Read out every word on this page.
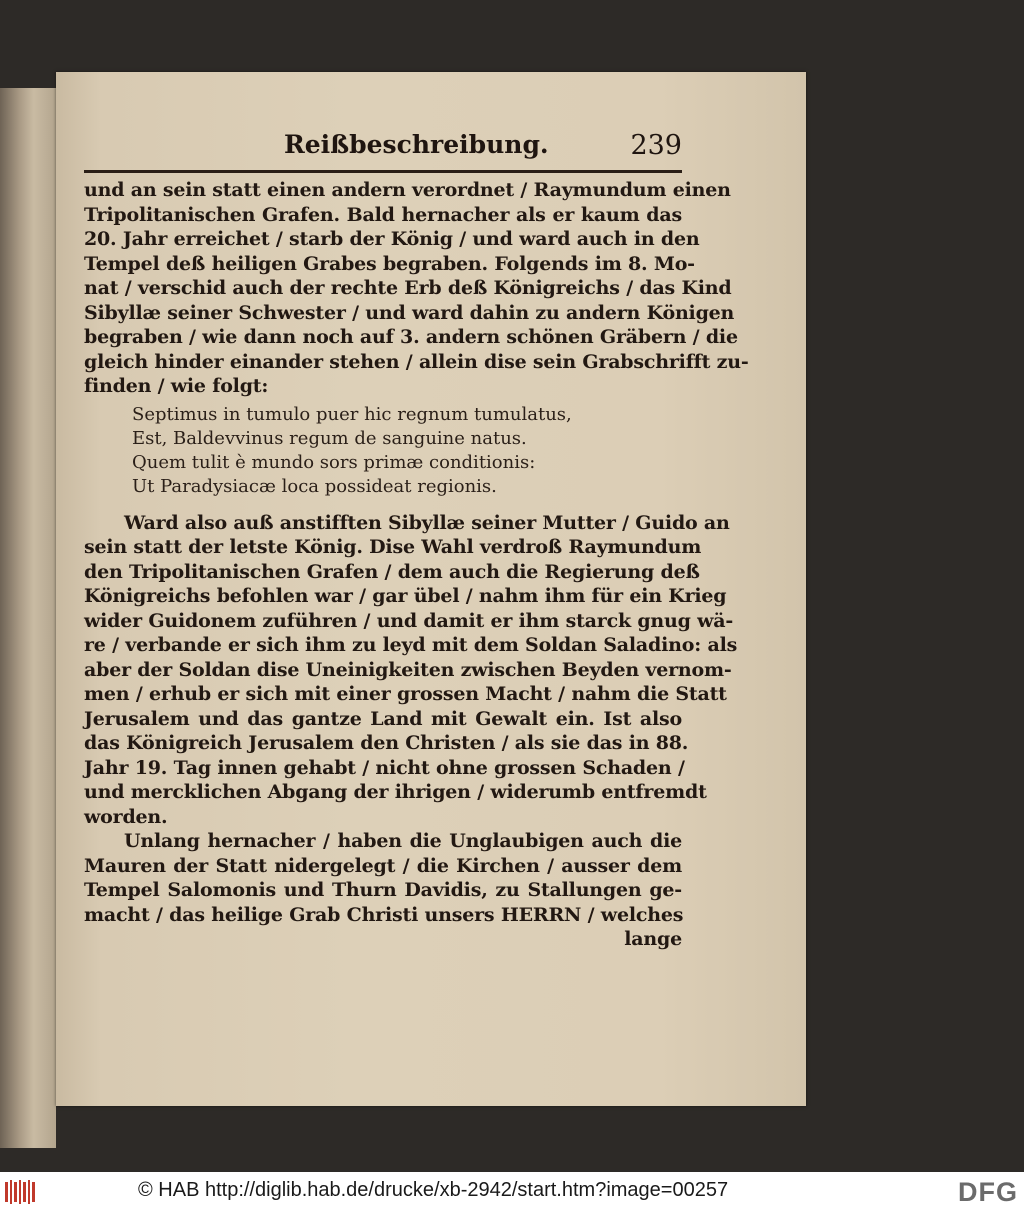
Reißbeschreibung.	239
und an sein statt einen andern verordnet / Raymundum einen
Tripolitanischen Grafen. Bald hernacher als er kaum das
20. Jahr erreichet / starb der König / und ward auch in den
Tempel deß heiligen Grabes begraben. Folgends im 8. Mo-
nat / verschid auch der rechte Erb deß Königreichs / das Kind
Sibyllæ seiner Schwester / und ward dahin zu andern Königen
begraben / wie dann noch auf 3. andern schönen Gräbern / die
gleich hinder einander stehen / allein dise sein Grabschrifft zu-
finden / wie folgt:
Septimus in tumulo puer hic regnum tumulatus,
Est, Baldevvinus regum de sanguine natus.
Quem tulit è mundo sors primæ conditionis:
Ut Paradysiacæ loca possideat regionis.
Ward also auß anstifften Sibyllæ seiner Mutter / Guido an
sein statt der letste König. Dise Wahl verdroß Raymundum
den Tripolitanischen Grafen / dem auch die Regierung deß
Königreichs befohlen war / gar übel / nahm ihm für ein Krieg
wider Guidonem zuführen / und damit er ihm starck gnug wä-
re / verbande er sich ihm zu leyd mit dem Soldan Saladino: als
aber der Soldan dise Uneinigkeiten zwischen Beyden vernom-
men / erhub er sich mit einer grossen Macht / nahm die Statt
Jerusalem und das gantze Land mit Gewalt ein. Ist also
das Königreich Jerusalem den Christen / als sie das in 88.
Jahr 19. Tag innen gehabt / nicht ohne grossen Schaden /
und mercklichen Abgang der ihrigen / widerumb entfremdt
worden.
Unlang hernacher / haben die Unglaubigen auch die
Mauren der Statt nidergelegt / die Kirchen / ausser dem
Tempel Salomonis und Thurn Davidis, zu Stallungen ge-
macht / das heilige Grab Christi unsers HERRN / welches
lange
© HAB http://diglib.hab.de/drucke/xb-2942/start.htm?image=00257	DFG
